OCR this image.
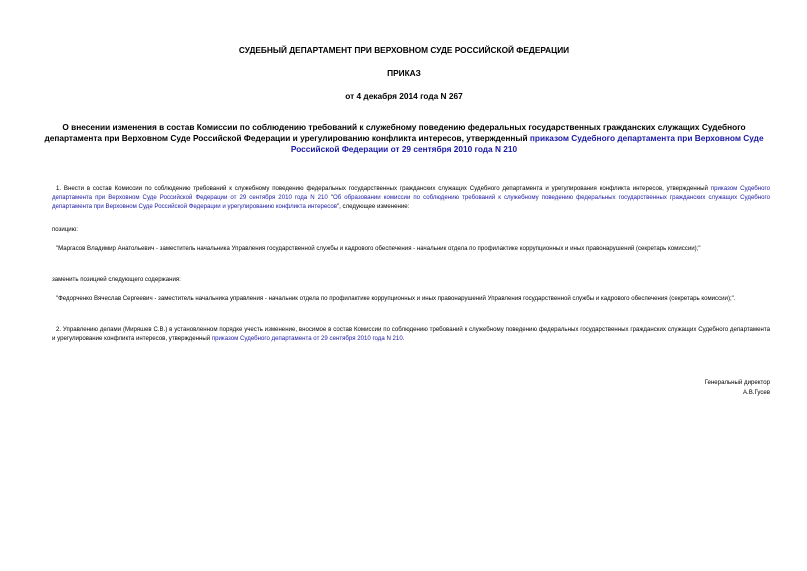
СУДЕБНЫЙ ДЕПАРТАМЕНТ ПРИ ВЕРХОВНОМ СУДЕ РОССИЙСКОЙ ФЕДЕРАЦИИ
ПРИКАЗ
от 4 декабря 2014 года N 267
О внесении изменения в состав Комиссии по соблюдению требований к служебному поведению федеральных государственных гражданских служащих Судебного департамента при Верховном Суде Российской Федерации и урегулированию конфликта интересов, утвержденный приказом Судебного департамента при Верховном Суде Российской Федерации от 29 сентября 2010 года N 210

1. Внести в состав Комиссии по соблюдению требований к служебному поведению федеральных государственных гражданских служащих Судебного департамента и урегулирования конфликта интересов, утвержденный приказом Судебного департамента при Верховном Суде Российской Федерации от 29 сентября 2010 года N 210 "Об образовании комиссии по соблюдению требований к служебному поведению федеральных государственных гражданских служащих Судебного департамента при Верховном Суде Российской Федерации и урегулированию конфликта интересов", следующее изменение:

позицию:

"Маргасов Владимир Анатольевич - заместитель начальника Управления государственной службы и кадрового обеспечения - начальник отдела по профилактике коррупционных и иных правонарушений (секретарь комиссии);"

заменить позицией следующего содержания:

"Федорченко Вячеслав Сергеевич - заместитель начальника управления - начальник отдела по профилактике коррупционных и иных правонарушений Управления государственной службы и кадрового обеспечения (секретарь комиссии);".

2. Управлению делами (Миряшев С.В.) в установленном порядке учесть изменение, вносимое в состав Комиссии по соблюдению требований к служебному поведению федеральных государственных гражданских служащих Судебного департамента и урегулирование конфликта интересов, утвержденный приказом Судебного департамента от 29 сентября 2010 года N 210.

Генеральный директор
А.В.Гусев
